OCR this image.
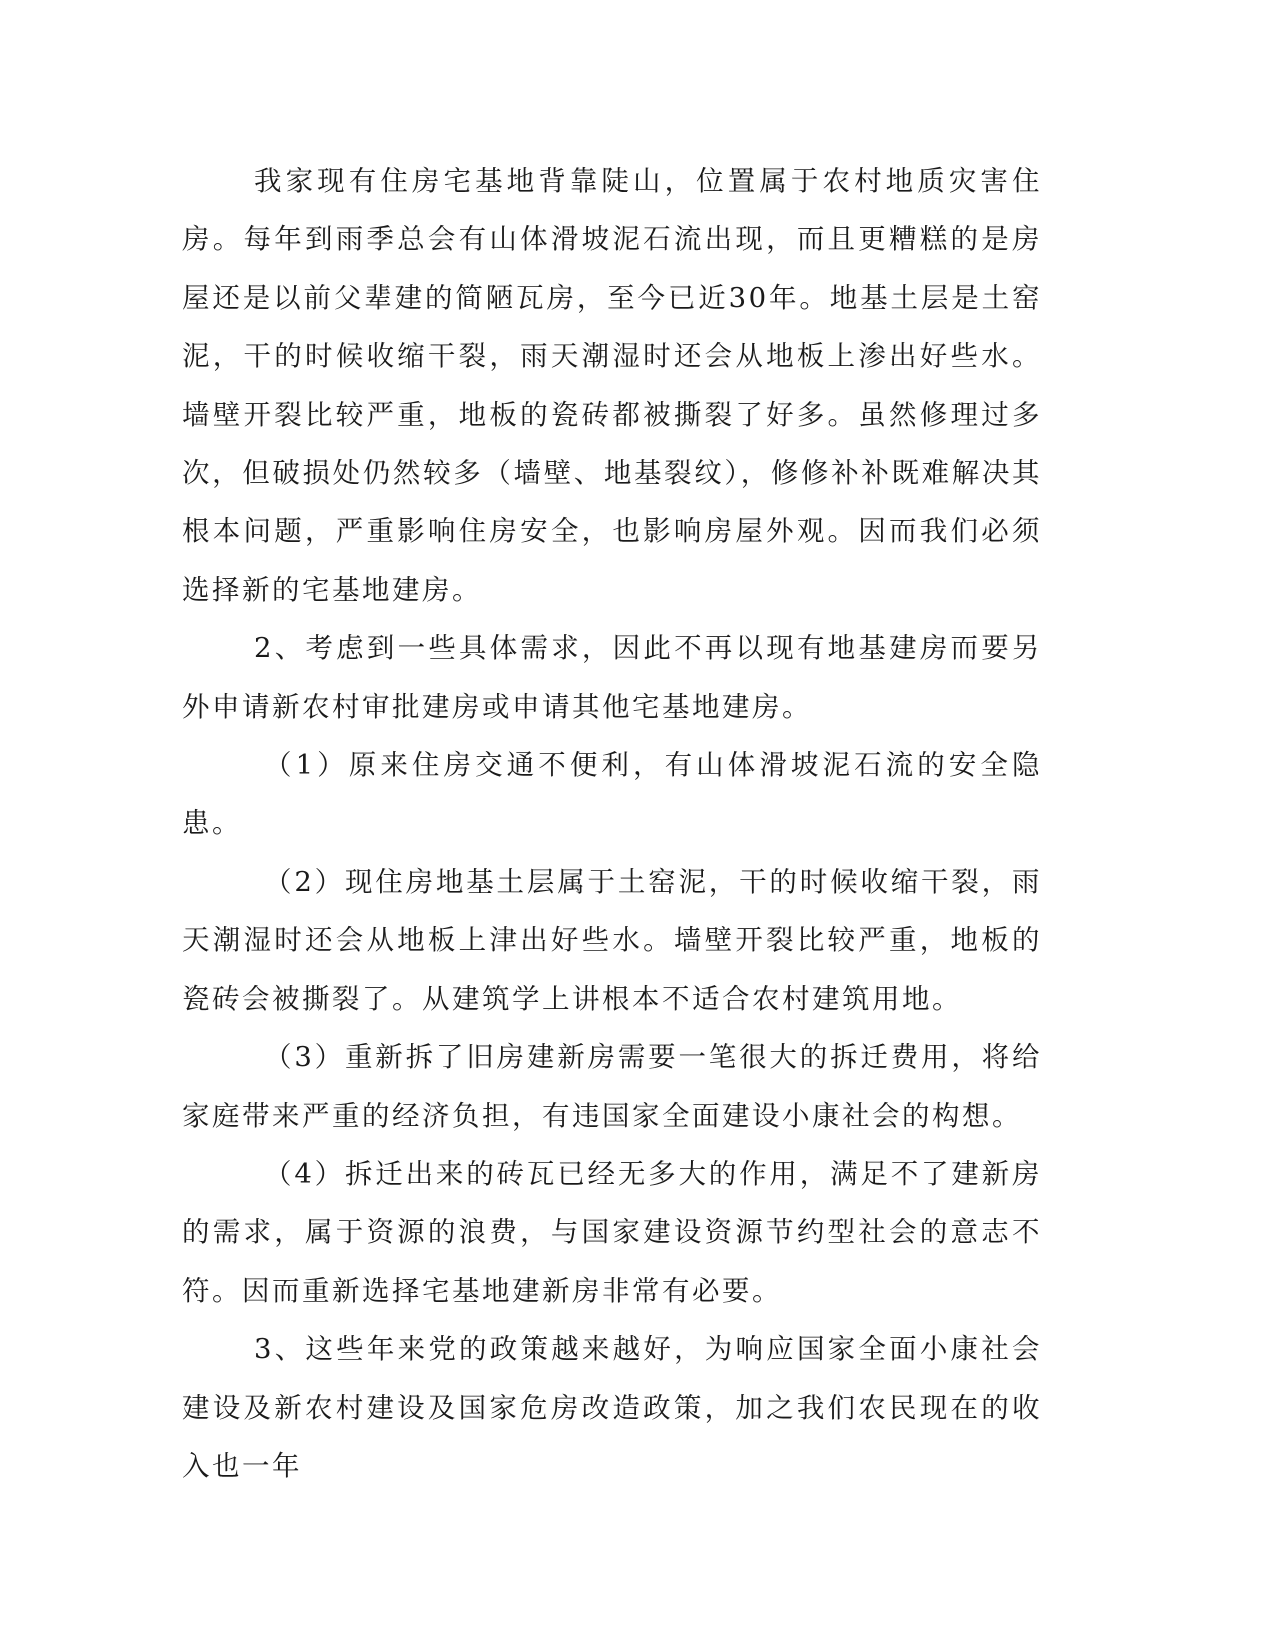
我家现有住房宅基地背靠陡山，位置属于农村地质灾害住房。每年到雨季总会有山体滑坡泥石流出现，而且更糟糕的是房屋还是以前父辈建的简陋瓦房，至今已近30年。地基土层是土窑泥，干的时候收缩干裂，雨天潮湿时还会从地板上渗出好些水。墙壁开裂比较严重，地板的瓷砖都被撕裂了好多。虽然修理过多次，但破损处仍然较多（墙壁、地基裂纹），修修补补既难解决其根本问题，严重影响住房安全，也影响房屋外观。因而我们必须选择新的宅基地建房。

2、考虑到一些具体需求，因此不再以现有地基建房而要另外申请新农村审批建房或申请其他宅基地建房。

（1）原来住房交通不便利，有山体滑坡泥石流的安全隐患。

（2）现住房地基土层属于土窑泥，干的时候收缩干裂，雨天潮湿时还会从地板上津出好些水。墙壁开裂比较严重，地板的瓷砖会被撕裂了。从建筑学上讲根本不适合农村建筑用地。

（3）重新拆了旧房建新房需要一笔很大的拆迁费用，将给家庭带来严重的经济负担，有违国家全面建设小康社会的构想。

（4）拆迁出来的砖瓦已经无多大的作用，满足不了建新房的需求，属于资源的浪费，与国家建设资源节约型社会的意志不符。因而重新选择宅基地建新房非常有必要。

3、这些年来党的政策越来越好，为响应国家全面小康社会建设及新农村建设及国家危房改造政策，加之我们农民现在的收入也一年
